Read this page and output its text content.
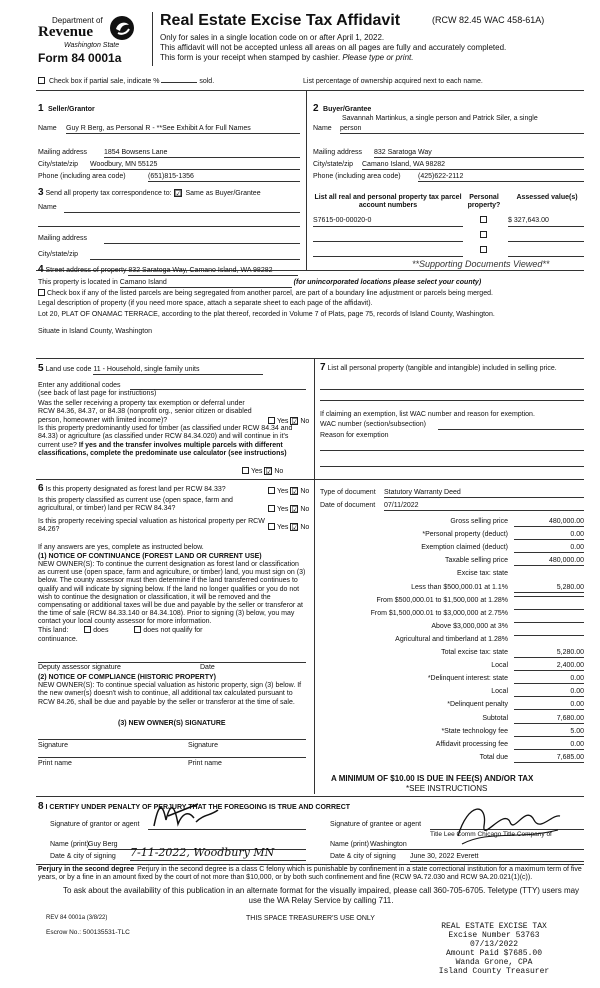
Department of
Revenue
Washington State
Form 84 0001a
Real Estate Excise Tax Affidavit	(RCW 82.45 WAC 458-61A)
Only for sales in a single location code on or after April 1, 2022.
This affidavit will not be accepted unless all areas on all pages are fully and accurately completed.
This form is your receipt when stamped by cashier. Please type or print.
Check box if partial sale, indicate %	sold.	List percentage of ownership acquired next to each name.
1 Seller/Grantor
Name Guy R Berg, as Personal R - **See Exhibit A for Full Names
Mailing address 1854 Bowsens Lane
City/state/zip Woodbury, MN 55125
Phone (including area code)	(651)815-1356
2 Buyer/Grantee
Savannah Martinkus, a single person and Patrick Siler, a single
Name person
Mailing address 832 Saratoga Way
City/state/zip Camano Island, WA 98282
Phone (including area code) (425)622-2112
3 Send all property tax correspondence to: ☑ Same as Buyer/Grantee
Name
Mailing address
City/state/zip
List all real and personal property tax parcel account numbers
Personal property?
Assessed value(s)
S7615-00-00020-0	$ 327,643.00
**Supporting Documents Viewed**
4 Street address of property 832 Saratoga Way, Camano Island, WA 98282
This property is located in Camano Island	(for unincorporated locations please select your county)
Check box if any of the listed parcels are being segregated from another parcel, are part of a boundary line adjustment or parcels being merged.
Legal description of property (if you need more space, attach a separate sheet to each page of the affidavit).
Lot 20, PLAT OF ONAMAC TERRACE, according to the plat thereof, recorded in Volume 7 of Plats, page 75, records of Island County, Washington.
Situate in Island County, Washington
5 Land use code 11 - Household, single family units
Enter any additional codes
(see back of last page for instructions)
Was the seller receiving a property tax exemption or deferral under RCW 84.36, 84.37, or 84.38 (nonprofit org., senior citizen or disabled person, homeowner with limited income)?	Yes ☑ No
Is this property predominantly used for timber (as classified under RCW 84.34 and 84.33) or agriculture (as classified under RCW 84.34.020) and will continue in it's current use? If yes and the transfer involves multiple parcels with different classifications, complete the predominate use calculator (see instructions)
Yes ☑ No
7 List all personal property (tangible and intangible) included in selling price.
If claiming an exemption, list WAC number and reason for exemption.
WAC number (section/subsection)
Reason for exemption
6 Is this property designated as forest land per RCW 84.33?	Yes ☑ No
Is this property classified as current use (open space, farm and agricultural, or timber) land per RCW 84.34?	Yes ☑ No
Is this property receiving special valuation as historical property per RCW 84.26?	Yes ☑ No
If any answers are yes, complete as instructed below.
(1) NOTICE OF CONTINUANCE (FOREST LAND OR CURRENT USE)
NEW OWNER(S): To continue the current designation as forest land or classification as current use (open space, farm and agriculture, or timber) land, you must sign on (3) below. The county assessor must then determine if the land transferred continues to qualify and will indicate by signing below. If the land no longer qualifies or you do not wish to continue the designation or classification, it will be removed and the compensating or additional taxes will be due and payable by the seller or transferor at the time of sale (RCW 84.33.140 or 84.34.108). Prior to signing (3) below, you may contact your local county assessor for more information.
This land:	does	does not qualify for
continuance.
Deputy assessor signature	Date
(2) NOTICE OF COMPLIANCE (HISTORIC PROPERTY)
NEW OWNER(S): To continue special valuation as historic property, sign (3) below. If the new owner(s) doesn't wish to continue, all additional tax calculated pursuant to RCW 84.26, shall be due and payable by the seller or transferor at the time of sale.
(3) NEW OWNER(S) SIGNATURE
Signature	Signature
Print name	Print name
Type of document Statutory Warranty Deed
Date of document 07/11/2022
Gross selling price	480,000.00
*Personal property (deduct)	0.00
Exemption claimed (deduct)	0.00
Taxable selling price	480,000.00
Excise tax: state
Less than $500,000.01 at 1.1%	5,280.00
From $500,000.01 to $1,500,000 at 1.28%
From $1,500,000.01 to $3,000,000 at 2.75%
Above $3,000,000 at 3%
Agricultural and timberland at 1.28%
Total excise tax: state	5,280.00
Local	2,400.00
*Delinquent interest: state	0.00
Local	0.00
*Delinquent penalty	0.00
Subtotal	7,680.00
*State technology fee	5.00
Affidavit processing fee	0.00
Total due	7,685.00
A MINIMUM OF $10.00 IS DUE IN FEE(S) AND/OR TAX
*SEE INSTRUCTIONS
8 I CERTIFY UNDER PENALTY OF PERJURY THAT THE FOREGOING IS TRUE AND CORRECT
Signature of grantor or agent
Name (print) Guy Berg
Date & city of signing 7-11-2022, Woodbury MN
Signature of grantee or agent
Title Lee Comm Chicago Title Company of
Name (print) Washington
Date & city of signing June 30, 2022 Everett
Perjury in the second degree Perjury in the second degree is a class C felony which is punishable by confinement in a state correctional institution for a maximum term of five years, or by a fine in an amount fixed by the court of not more than $10,000, or by both such confinement and fine (RCW 9A.72.030 and RCW 9A.20.021(1)(c)).
To ask about the availability of this publication in an alternate format for the visually impaired, please call 360-705-6705. Teletype (TTY) users may use the WA Relay Service by calling 711.
REV 84 0001a (3/8/22)	THIS SPACE TREASURER'S USE ONLY
Escrow No.: 500135531-TLC
REAL ESTATE EXCISE TAX
Excise Number 53763
07/13/2022
Amount Paid $7685.00
Wanda Grone, CPA
Island County Treasurer
